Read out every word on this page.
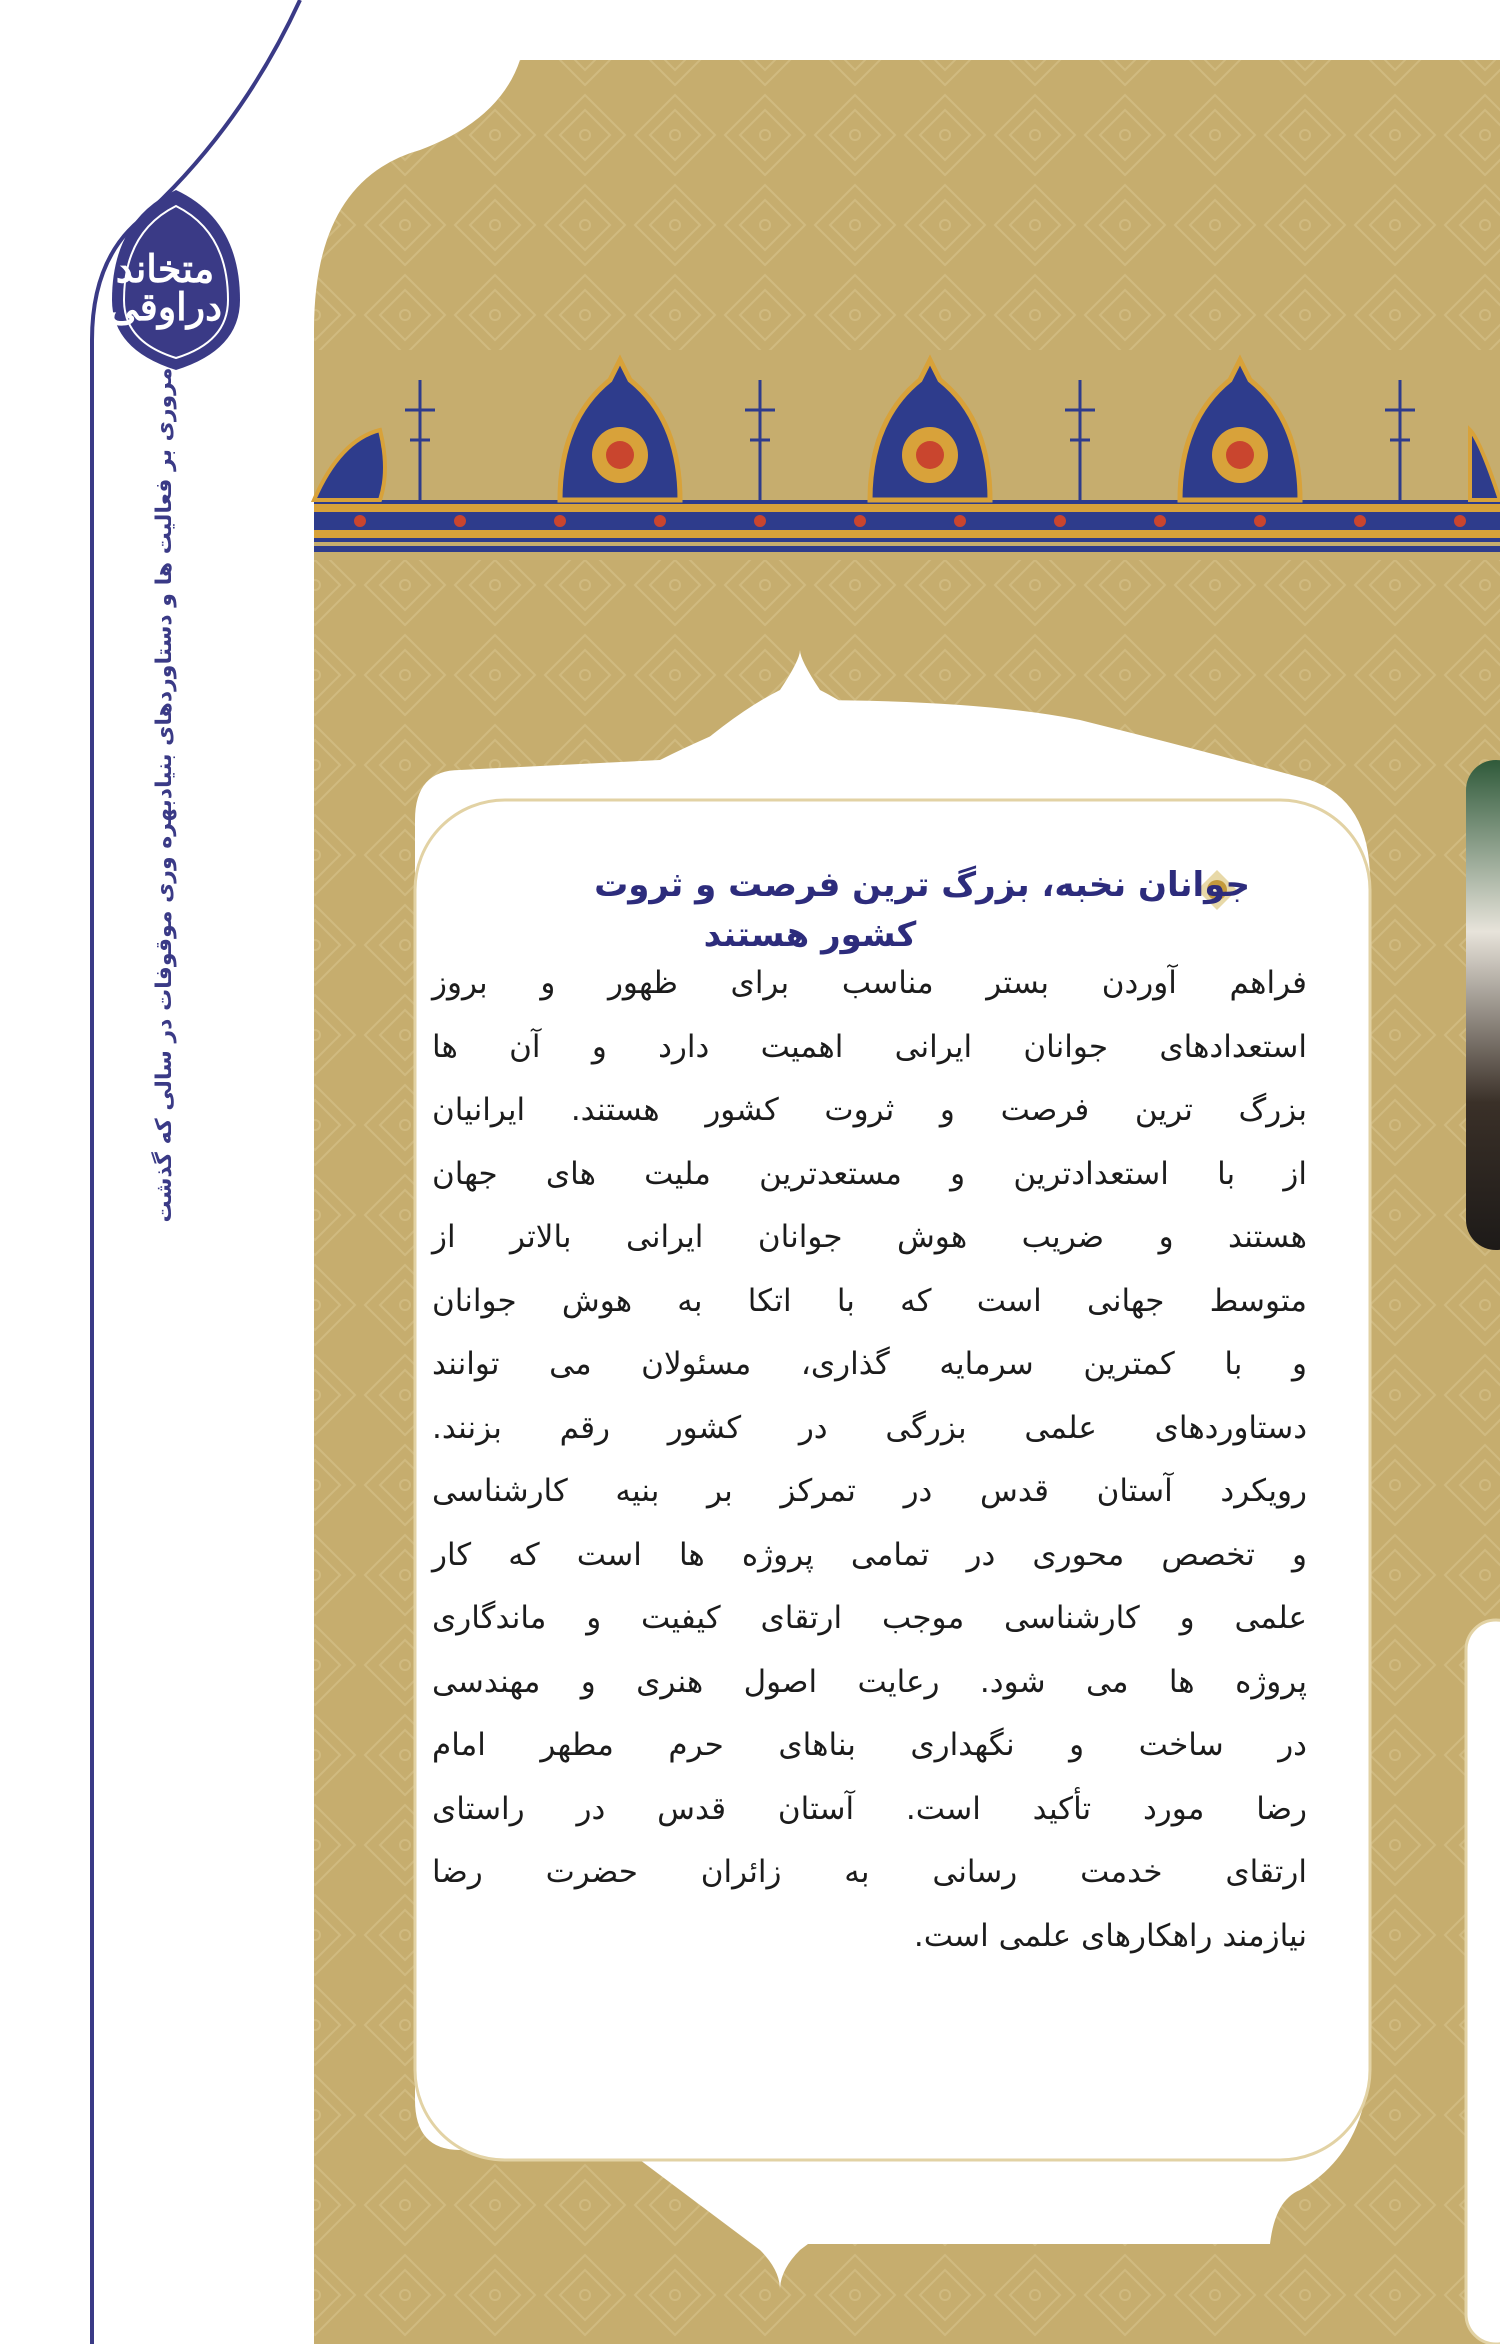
متخاند دراوقی
مروری بر فعالیت ها و دستاوردهای بنیادبهره وری موقوفات در سالی که گذشت	جوانان نخبه، بزرگ ترین فرصت و ثروت
کشور هستند
فراهم آوردن بستر مناسب برای ظهور و بروز
استعدادهای جوانان ایرانی اهمیت دارد و آن ها
بزرگ ترین فرصت و ثروت کشور هستند. ایرانیان
از با استعدادترین و مستعدترین ملیت های جهان
هستند و ضریب هوش جوانان ایرانی بالاتر از
متوسط جهانی است که با اتکا به هوش جوانان
و با کمترین سرمایه گذاری، مسئولان می توانند
دستاوردهای علمی بزرگی در کشور رقم بزنند.
رویکرد آستان قدس در تمرکز بر بنیه کارشناسی
و تخصص محوری در تمامی پروژه ها است که کار
علمی و کارشناسی موجب ارتقای کیفیت و ماندگاری
پروژه ها می شود. رعایت اصول هنری و مهندسی
در ساخت و نگهداری بناهای حرم مطهر امام
رضا مورد تأکید است. آستان قدس در راستای
ارتقای خدمت رسانی به زائران حضرت رضا
نیازمند راهکارهای علمی است.
